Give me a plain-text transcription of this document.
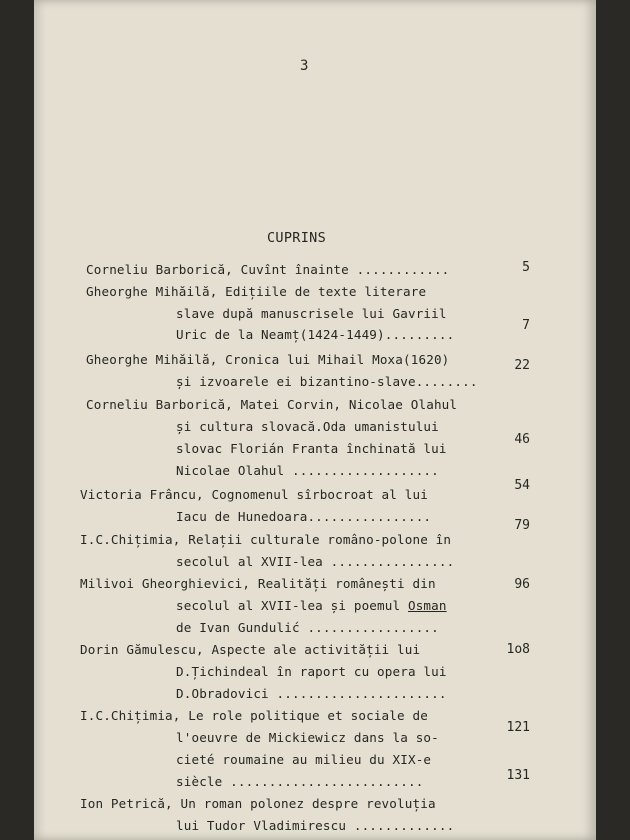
3
CUPRINS
Corneliu Barborică, Cuvînt înainte ............	5
Gheorghe Mihăilă, Edițiile de texte literare
slave după manuscrisele lui Gavriil
Uric de la Neamț(1424-1449).........
7
Gheorghe Mihăilă, Cronica lui Mihail Moxa(1620)
și izvoarele ei bizantino-slave........
22
Corneliu Barborică, Matei Corvin, Nicolae Olahul
și cultura slovacă.Oda umanistului
slovac Florián Franta închinată lui
Nicolae Olahul ...................
46
Victoria Frâncu, Cognomenul sîrbocroat al lui
Iacu de Hunedoara................
54
I.C.Chițimia, Relații culturale româno-polone în
secolul al XVII-lea ................
79
Milivoi Gheorghievici, Realități românești din
secolul al XVII-lea și poemul Osman
de Ivan Gundulić .................
96
Dorin Gămulescu, Aspecte ale activității lui
D.Țichindeal în raport cu opera lui
D.Obradovici ......................
1o8
I.C.Chițimia, Le role politique et sociale de
l'oeuvre de Mickiewicz dans la so-
cieté roumaine au milieu du XIX-e
siècle .........................
121
Ion Petrică, Un roman polonez despre revoluția
lui Tudor Vladimirescu .............
131
